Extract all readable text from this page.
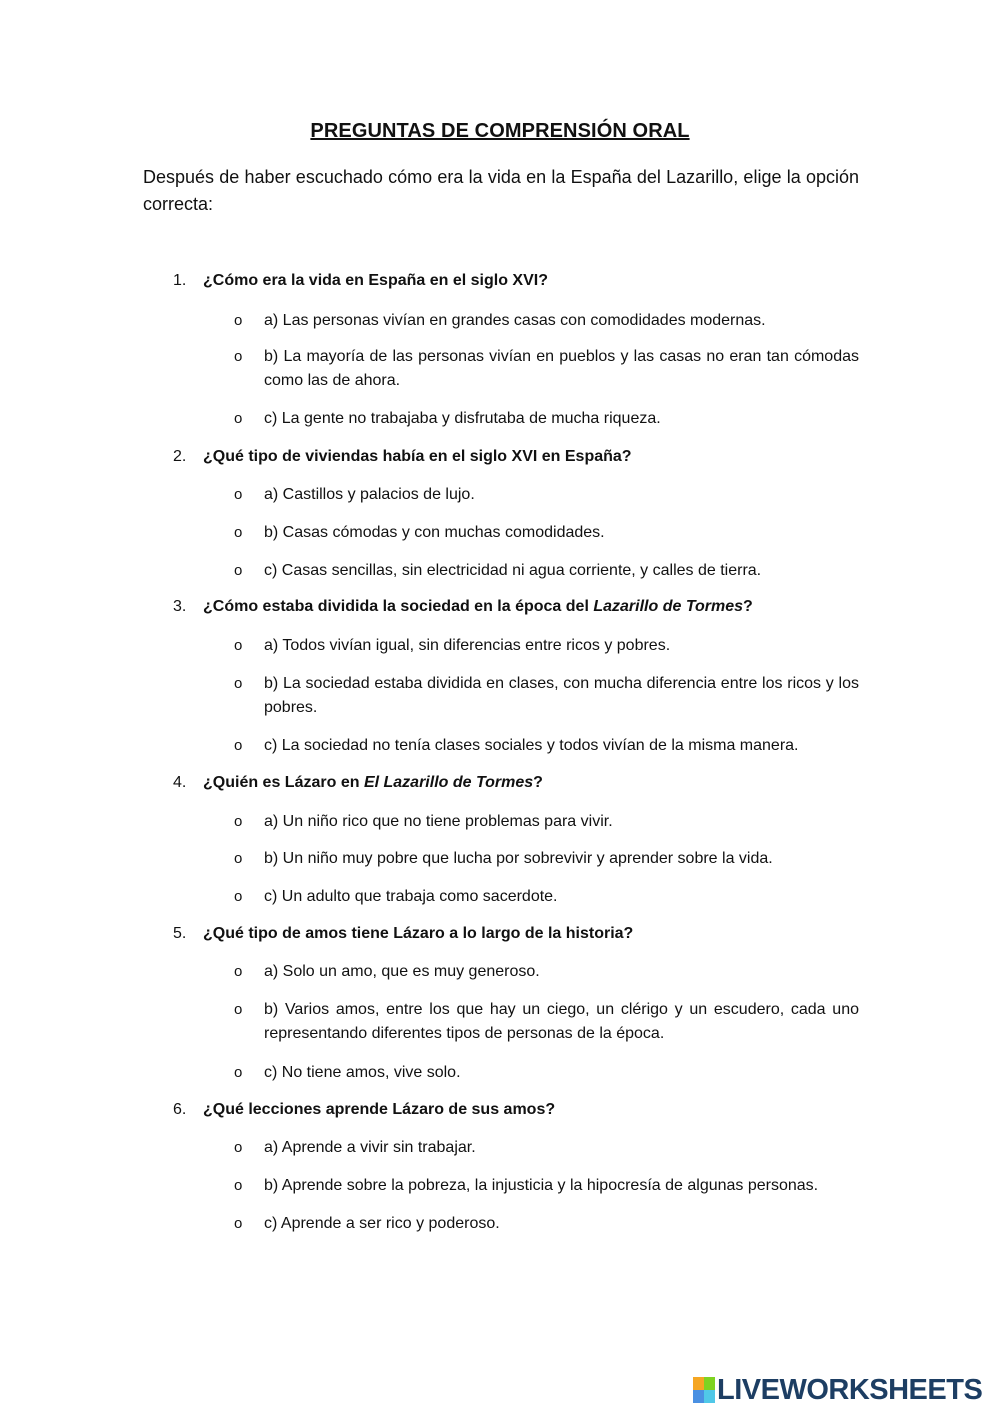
PREGUNTAS DE COMPRENSIÓN ORAL
Después de haber escuchado cómo era la vida en la España del Lazarillo, elige la opción correcta:
1. ¿Cómo era la vida en España en el siglo XVI?
o a) Las personas vivían en grandes casas con comodidades modernas.
o b) La mayoría de las personas vivían en pueblos y las casas no eran tan cómodas como las de ahora.
o c) La gente no trabajaba y disfrutaba de mucha riqueza.
2. ¿Qué tipo de viviendas había en el siglo XVI en España?
o a) Castillos y palacios de lujo.
o b) Casas cómodas y con muchas comodidades.
o c) Casas sencillas, sin electricidad ni agua corriente, y calles de tierra.
3. ¿Cómo estaba dividida la sociedad en la época del Lazarillo de Tormes?
o a) Todos vivían igual, sin diferencias entre ricos y pobres.
o b) La sociedad estaba dividida en clases, con mucha diferencia entre los ricos y los pobres.
o c) La sociedad no tenía clases sociales y todos vivían de la misma manera.
4. ¿Quién es Lázaro en El Lazarillo de Tormes?
o a) Un niño rico que no tiene problemas para vivir.
o b) Un niño muy pobre que lucha por sobrevivir y aprender sobre la vida.
o c) Un adulto que trabaja como sacerdote.
5. ¿Qué tipo de amos tiene Lázaro a lo largo de la historia?
o a) Solo un amo, que es muy generoso.
o b) Varios amos, entre los que hay un ciego, un clérigo y un escudero, cada uno representando diferentes tipos de personas de la época.
o c) No tiene amos, vive solo.
6. ¿Qué lecciones aprende Lázaro de sus amos?
o a) Aprende a vivir sin trabajar.
o b) Aprende sobre la pobreza, la injusticia y la hipocresía de algunas personas.
o c) Aprende a ser rico y poderoso.
LIVEWORKSHEETS
